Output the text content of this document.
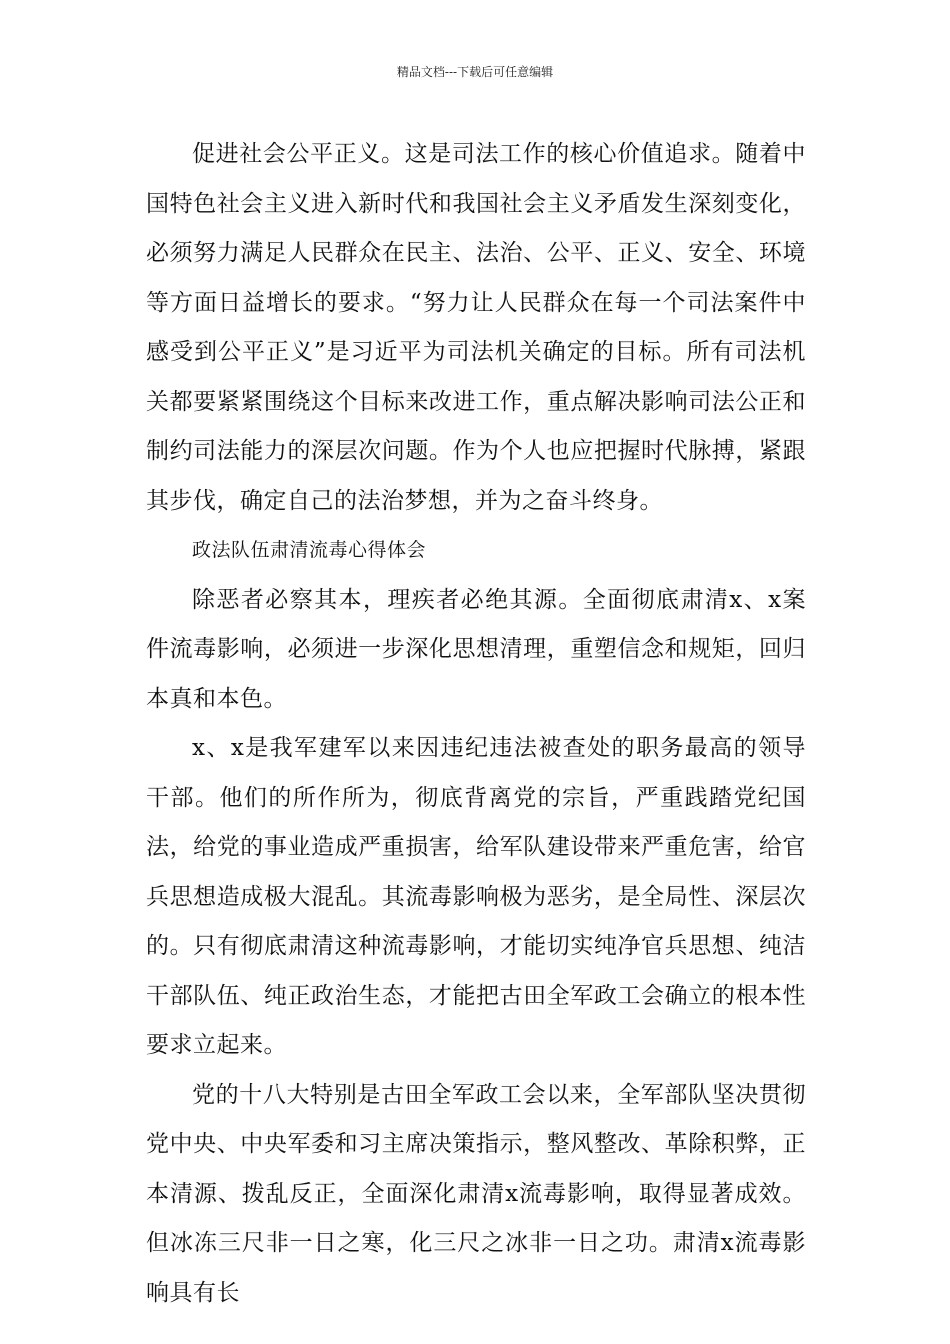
精品文档---下载后可任意编辑

促进社会公平正义。这是司法工作的核心价值追求。随着中国特色社会主义进入新时代和我国社会主义矛盾发生深刻变化，必须努力满足人民群众在民主、法治、公平、正义、安全、环境等方面日益增长的要求。“努力让人民群众在每一个司法案件中感受到公平正义”是习近平为司法机关确定的目标。所有司法机关都要紧紧围绕这个目标来改进工作，重点解决影响司法公正和制约司法能力的深层次问题。作为个人也应把握时代脉搏，紧跟其步伐，确定自己的法治梦想，并为之奋斗终身。

政法队伍肃清流毒心得体会

除恶者必察其本，理疾者必绝其源。全面彻底肃清x、x案件流毒影响，必须进一步深化思想清理，重塑信念和规矩，回归本真和本色。

x、x是我军建军以来因违纪违法被查处的职务最高的领导干部。他们的所作所为，彻底背离党的宗旨，严重践踏党纪国法，给党的事业造成严重损害，给军队建设带来严重危害，给官兵思想造成极大混乱。其流毒影响极为恶劣，是全局性、深层次的。只有彻底肃清这种流毒影响，才能切实纯净官兵思想、纯洁干部队伍、纯正政治生态，才能把古田全军政工会确立的根本性要求立起来。

党的十八大特别是古田全军政工会以来，全军部队坚决贯彻党中央、中央军委和习主席决策指示，整风整改、革除积弊，正本清源、拨乱反正，全面深化肃清x流毒影响，取得显著成效。但冰冻三尺非一日之寒，化三尺之冰非一日之功。肃清x流毒影响具有长
